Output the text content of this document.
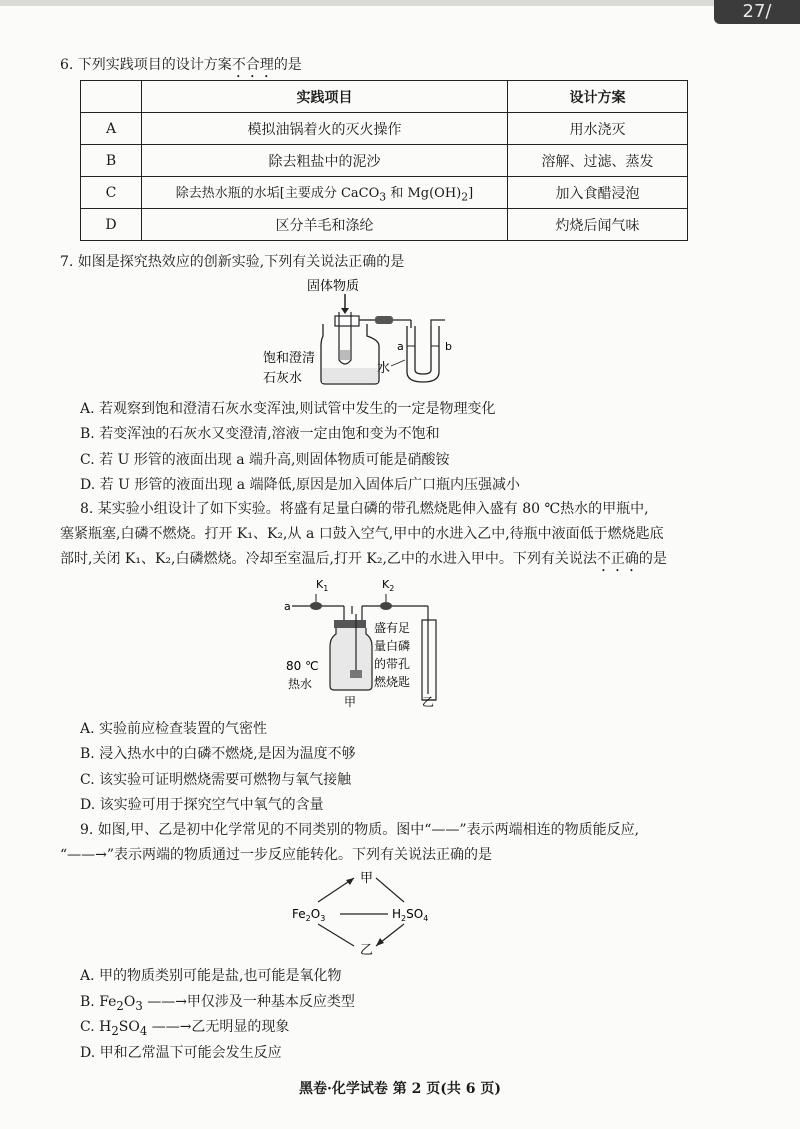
27/
6. 下列实践项目的设计方案不合理的是
	实践项目	设计方案
A	模拟油锅着火的灭火操作	用水浇灭
B	除去粗盐中的泥沙	溶解、过滤、蒸发
C	除去热水瓶的水垢[主要成分 CaCO$_3$ 和 $Mg(OH)_2$]	加入食醋浸泡
D	区分羊毛和涤纶	灼烧后闻气味
7. 如图是探究热效应的创新实验,下列有关说法正确的是
固体物质
a	b
水
饱和澄清
石灰水
A. 若观察到饱和澄清石灰水变浑浊,则试管中发生的一定是物理变化
B. 若变浑浊的石灰水又变澄清,溶液一定由饱和变为不饱和
C. 若 U 形管的液面出现 a 端升高,则固体物质可能是硝酸铵
D. 若 U 形管的液面出现 a 端降低,原因是加入固体后广口瓶内压强减小
8. 某实验小组设计了如下实验。将盛有足量白磷的带孔燃烧匙伸入盛有 80 ℃热水的甲瓶中,
塞紧瓶塞,白磷不燃烧。打开 K₁、K₂,从 a 口鼓入空气,甲中的水进入乙中,待瓶中液面低于燃烧匙底
部时,关闭 K₁、K₂,白磷燃烧。冷却至室温后,打开 K₂,乙中的水进入甲中。下列有关说法不正确的是
$K_1$	$K_2$
a
盛有足
量白磷
的带孔
燃烧匙
80 ℃
热水
甲	乙
A. 实验前应检查装置的气密性
B. 浸入热水中的白磷不燃烧,是因为温度不够
C. 该实验可证明燃烧需要可燃物与氧气接触
D. 该实验可用于探究空气中氧气的含量
9. 如图,甲、乙是初中化学常见的不同类别的物质。图中“——”表示两端相连的物质能反应,
“——→”表示两端的物质通过一步反应能转化。下列有关说法正确的是
甲
$Fe_2O_3$	$H_2SO_4$
乙
A. 甲的物质类别可能是盐,也可能是氧化物
B. $Fe_2O_3$ ——→甲仅涉及一种基本反应类型
C. $H_2SO_4$ ——→乙无明显的现象
D. 甲和乙常温下可能会发生反应
黑卷·化学试卷 第 2 页(共 6 页)
